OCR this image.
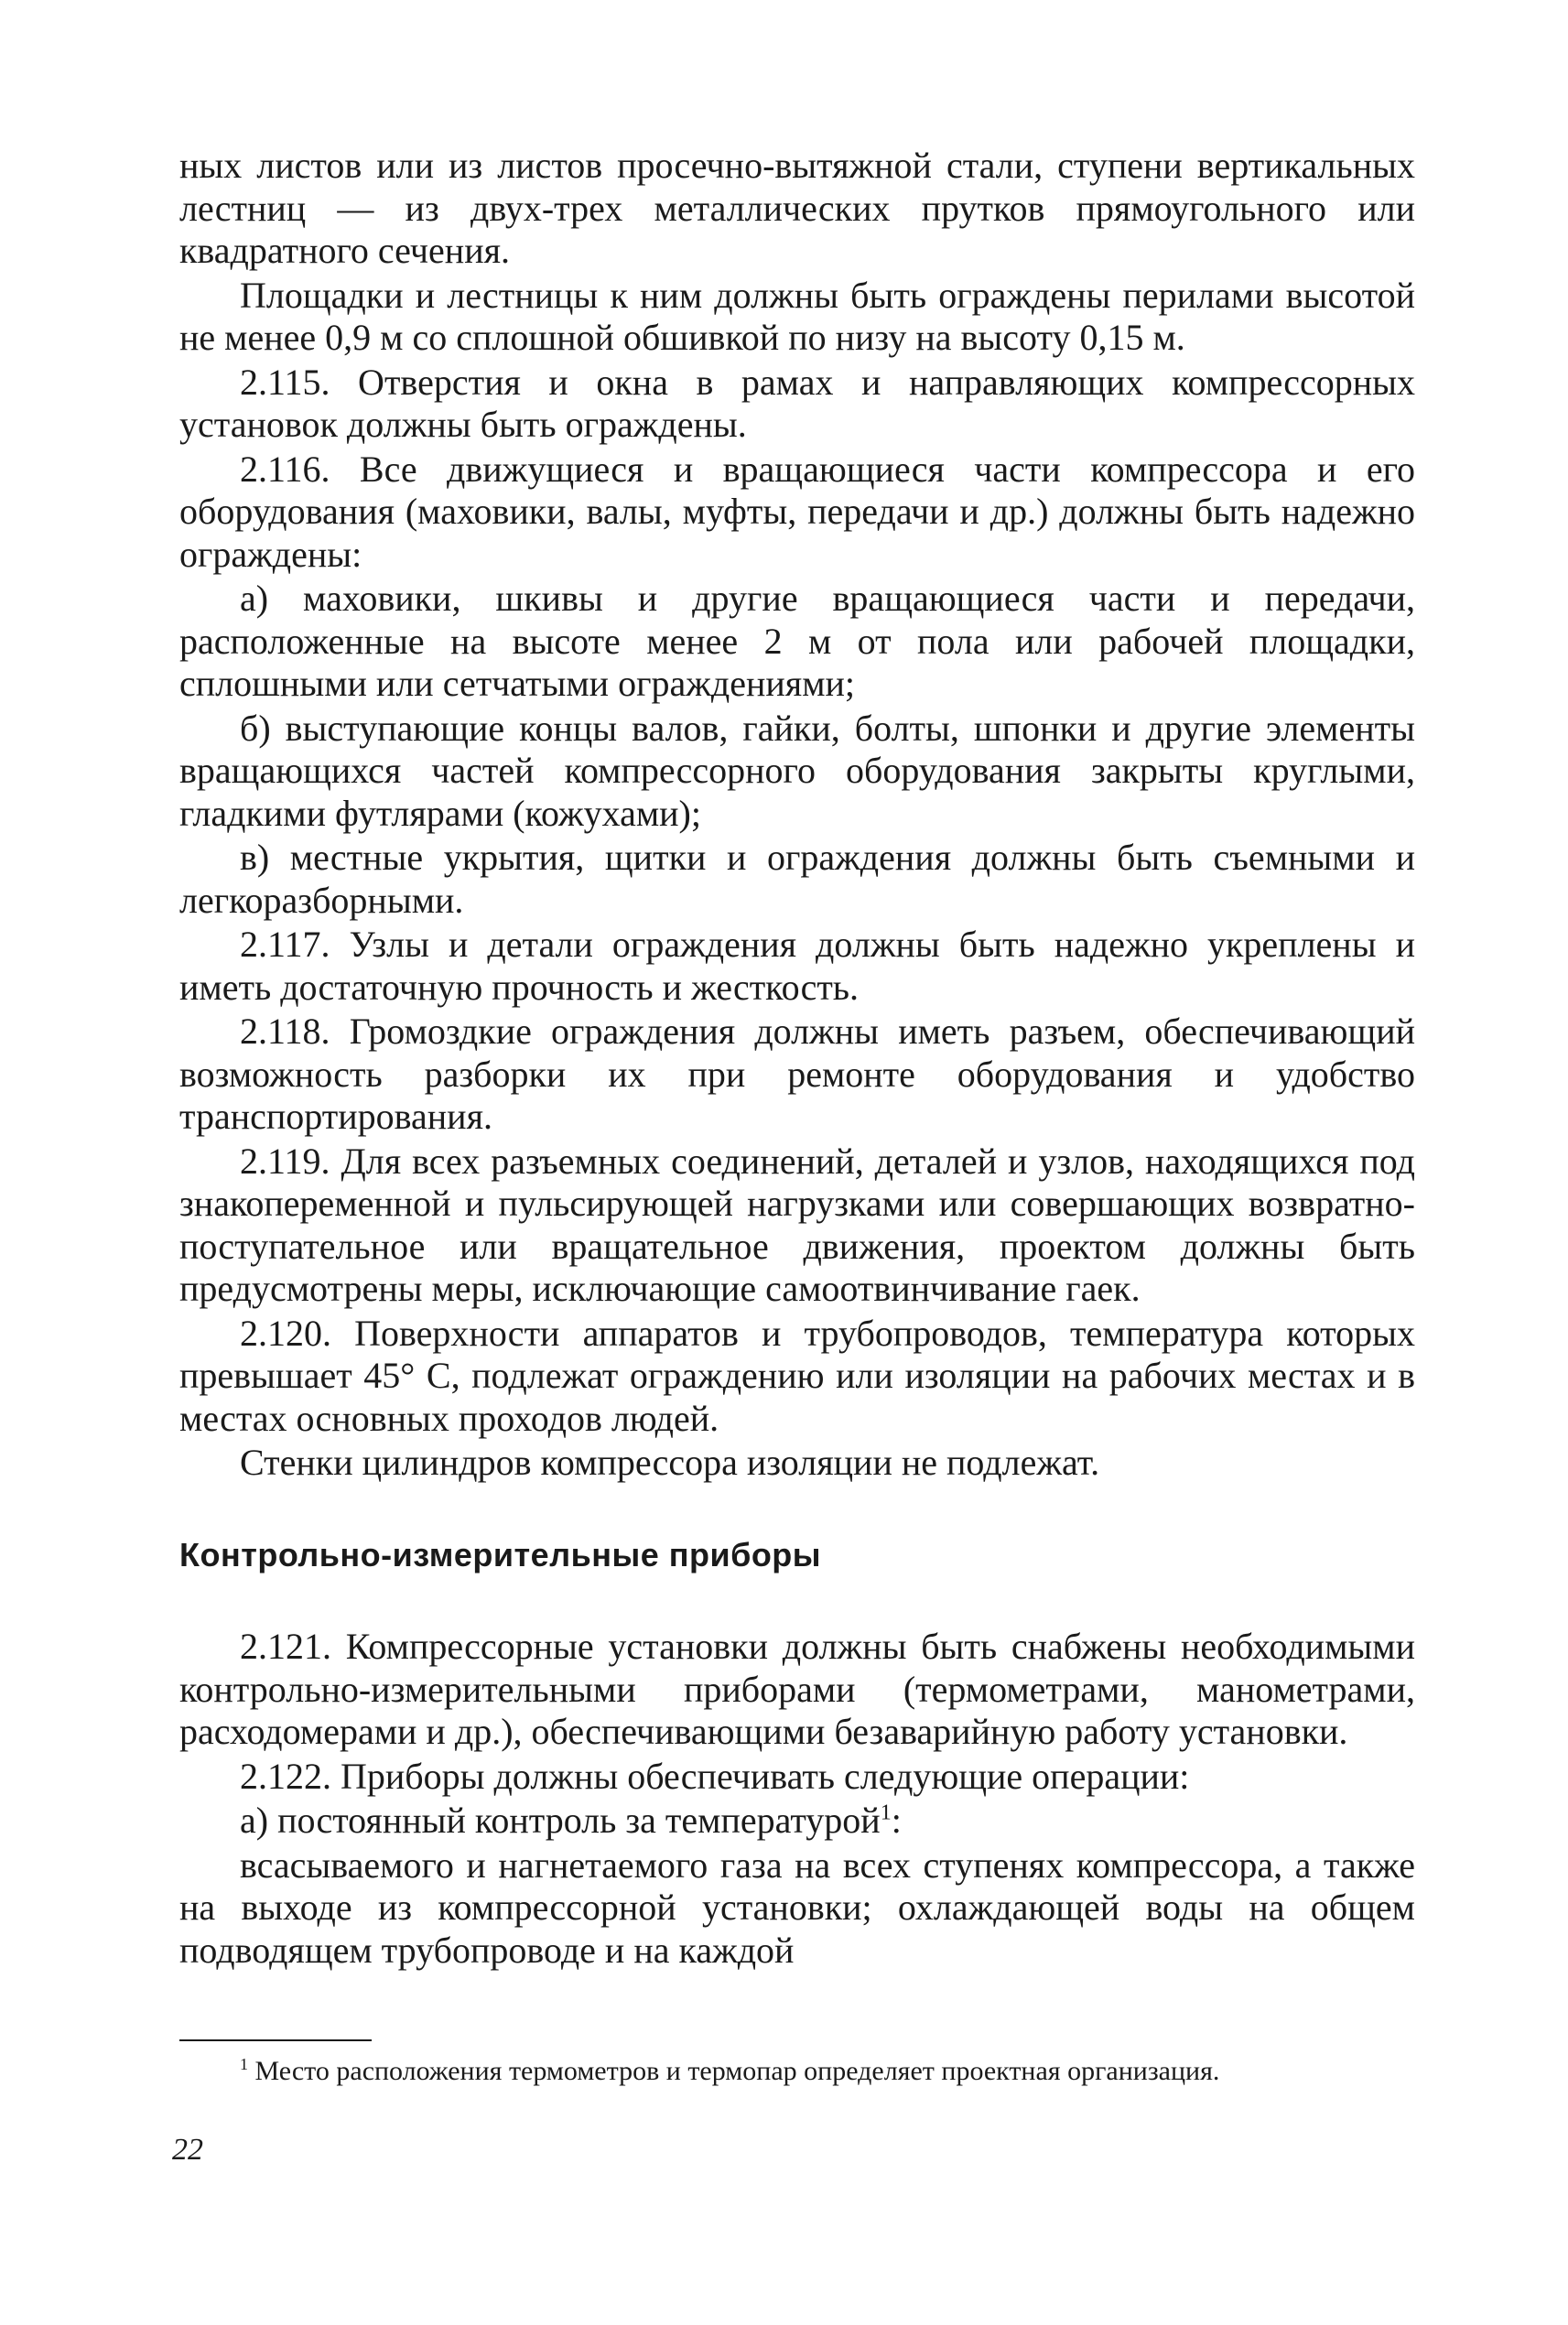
ных листов или из листов просечно-вытяжной стали, ступени вертикальных лестниц — из двух-трех металлических прутков прямоугольного или квадратного сечения.

Площадки и лестницы к ним должны быть ограждены перилами высотой не менее 0,9 м со сплошной обшивкой по низу на высоту 0,15 м.

2.115. Отверстия и окна в рамах и направляющих компрессорных установок должны быть ограждены.

2.116. Все движущиеся и вращающиеся части компрессора и его оборудования (маховики, валы, муфты, передачи и др.) должны быть надежно ограждены:

а) маховики, шкивы и другие вращающиеся части и передачи, расположенные на высоте менее 2 м от пола или рабочей площадки, сплошными или сетчатыми ограждениями;

б) выступающие концы валов, гайки, болты, шпонки и другие элементы вращающихся частей компрессорного оборудования закрыты круглыми, гладкими футлярами (кожухами);

в) местные укрытия, щитки и ограждения должны быть съемными и легкоразборными.

2.117. Узлы и детали ограждения должны быть надежно укреплены и иметь достаточную прочность и жесткость.

2.118. Громоздкие ограждения должны иметь разъем, обеспечивающий возможность разборки их при ремонте оборудования и удобство транспортирования.

2.119. Для всех разъемных соединений, деталей и узлов, находящихся под знакопеременной и пульсирующей нагрузками или совершающих возвратно-поступательное или вращательное движения, проектом должны быть предусмотрены меры, исключающие самоотвинчивание гаек.

2.120. Поверхности аппаратов и трубопроводов, температура которых превышает 45° С, подлежат ограждению или изоляции на рабочих местах и в местах основных проходов людей.

Стенки цилиндров компрессора изоляции не подлежат.

Контрольно-измерительные приборы

2.121. Компрессорные установки должны быть снабжены необходимыми контрольно-измерительными приборами (термометрами, манометрами, расходомерами и др.), обеспечивающими безаварийную работу установки.

2.122. Приборы должны обеспечивать следующие операции:

а) постоянный контроль за температурой$^1$:

всасываемого и нагнетаемого газа на всех ступенях компрессора, а также на выходе из компрессорной установки; охлаждающей воды на общем подводящем трубопроводе и на каждой

$^1$ Место расположения термометров и термопар определяет проектная организация.
22
